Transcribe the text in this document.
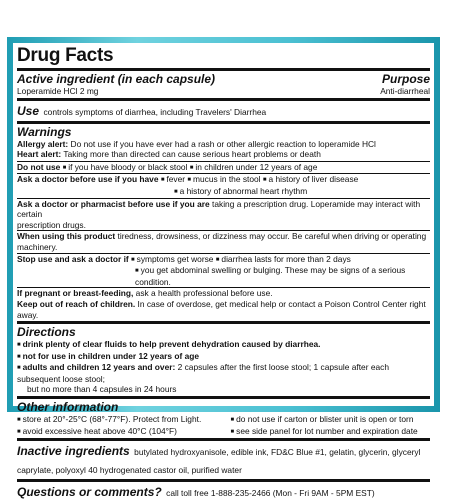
Drug Facts
Active ingredient (in each capsule)	Purpose
Loperamide HCl 2 mg	Anti-diarrheal
Use controls symptoms of diarrhea, including Travelers' Diarrhea
Warnings
Allergy alert: Do not use if you have ever had a rash or other allergic reaction to loperamide HCl
Heart alert: Taking more than directed can cause serious heart problems or death
Do not use ■ if you have bloody or black stool ■ in children under 12 years of age
Ask a doctor before use if you have ■ fever ■ mucus in the stool ■ a history of liver disease
■ a history of abnormal heart rhythm
Ask a doctor or pharmacist before use if you are taking a prescription drug. Loperamide may interact with certain
prescription drugs.
When using this product tiredness, drowsiness, or dizziness may occur. Be careful when driving or operating machinery.
Stop use and ask a doctor if ■ symptoms get worse ■ diarrhea lasts for more than 2 days
■ you get abdominal swelling or bulging. These may be signs of a serious condition.
If pregnant or breast-feeding, ask a health professional before use.
Keep out of reach of children. In case of overdose, get medical help or contact a Poison Control Center right away.
Directions
■ drink plenty of clear fluids to help prevent dehydration caused by diarrhea.
■ not for use in children under 12 years of age
■ adults and children 12 years and over: 2 capsules after the first loose stool; 1 capsule after each subsequent loose stool;
but no more than 4 capsules in 24 hours
Other information
■ store at 20°-25°C (68°-77°F). Protect from Light.
■ avoid excessive heat above 40°C (104°F)
■ do not use if carton or blister unit is open or torn
■ see side panel for lot number and expiration date
Inactive ingredients butylated hydroxyanisole, edible ink, FD&C Blue #1, gelatin, glycerin, glyceryl caprylate, polyoxyl 40 hydrogenated castor oil, purified water
Questions or comments? call toll free 1-888-235-2466 (Mon - Fri 9AM - 5PM EST)
